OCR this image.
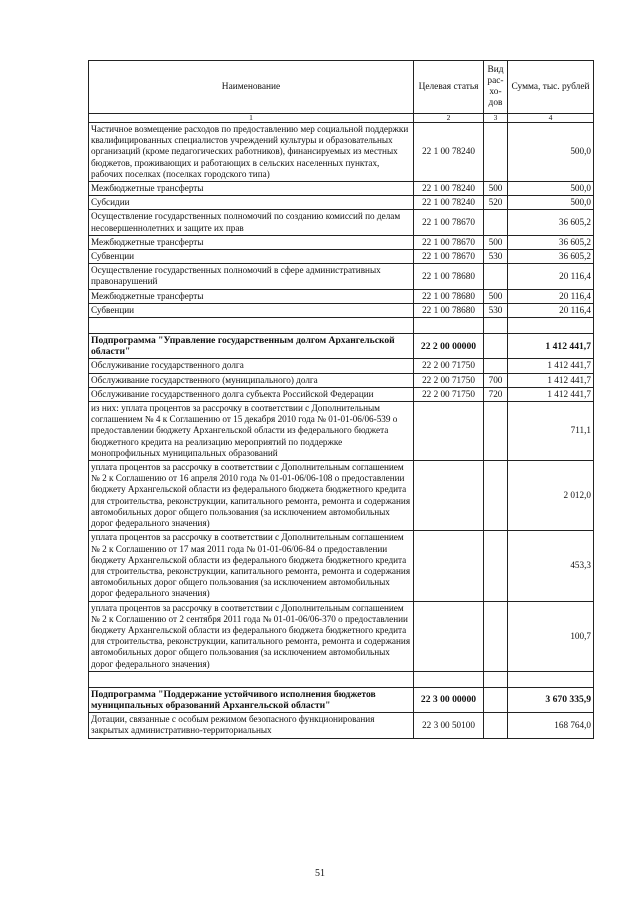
Наименование	Целевая статья	Вид рас-хо-дов	Сумма, тыс. рублей
1	2	3	4
Частичное возмещение расходов по предоставлению мер социальной поддержки квалифицированных специалистов учреждений культуры и образовательных организаций (кроме педагогических работников), финансируемых из местных бюджетов, проживающих и работающих в сельских населенных пунктах, рабочих поселках (поселках городского типа)	22 1 00 78240		500,0
Межбюджетные трансферты	22 1 00 78240	500	500,0
Субсидии	22 1 00 78240	520	500,0
Осуществление государственных полномочий по созданию комиссий по делам несовершеннолетних и защите их прав	22 1 00 78670		36 605,2
Межбюджетные трансферты	22 1 00 78670	500	36 605,2
Субвенции	22 1 00 78670	530	36 605,2
Осуществление государственных полномочий в сфере административных правонарушений	22 1 00 78680		20 116,4
Межбюджетные трансферты	22 1 00 78680	500	20 116,4
Субвенции	22 1 00 78680	530	20 116,4

Подпрограмма "Управление государственным долгом Архангельской области"	22 2 00 00000		1 412 441,7
Обслуживание государственного долга	22 2 00 71750		1 412 441,7
Обслуживание государственного (муниципального) долга	22 2 00 71750	700	1 412 441,7
Обслуживание государственного долга субъекта Российской Федерации	22 2 00 71750	720	1 412 441,7
из них: уплата процентов за рассрочку в соответствии с Дополнительным соглашением № 4 к Соглашению от 15 декабря 2010 года № 01-01-06/06-539 о предоставлении бюджету Архангельской области из федерального бюджета бюджетного кредита на реализацию мероприятий по поддержке монопрофильных муниципальных образований			711,1
уплата процентов за рассрочку в соответствии с Дополнительным соглашением № 2 к Соглашению от 16 апреля 2010 года № 01-01-06/06-108 о предоставлении бюджету Архангельской области из федерального бюджета бюджетного кредита для строительства, реконструкции, капитального ремонта, ремонта и содержания автомобильных дорог общего пользования (за исключением автомобильных дорог федерального значения)			2 012,0
уплата процентов за рассрочку в соответствии с Дополнительным соглашением № 2 к Соглашению от 17 мая 2011 года № 01-01-06/06-84 о предоставлении бюджету Архангельской области из федерального бюджета бюджетного кредита для строительства, реконструкции, капитального ремонта, ремонта и содержания автомобильных дорог общего пользования (за исключением автомобильных дорог федерального значения)			453,3
уплата процентов за рассрочку в соответствии с Дополнительным соглашением № 2 к Соглашению от 2 сентября 2011 года № 01-01-06/06-370 о предоставлении бюджету Архангельской области из федерального бюджета бюджетного кредита для строительства, реконструкции, капитального ремонта, ремонта и содержания автомобильных дорог общего пользования (за исключением автомобильных дорог федерального значения)			100,7

Подпрограмма "Поддержание устойчивого исполнения бюджетов муниципальных образований Архангельской области"	22 3 00 00000		3 670 335,9
Дотации, связанные с особым режимом безопасного функционирования закрытых административно-территориальных	22 3 00 50100		168 764,0
51
